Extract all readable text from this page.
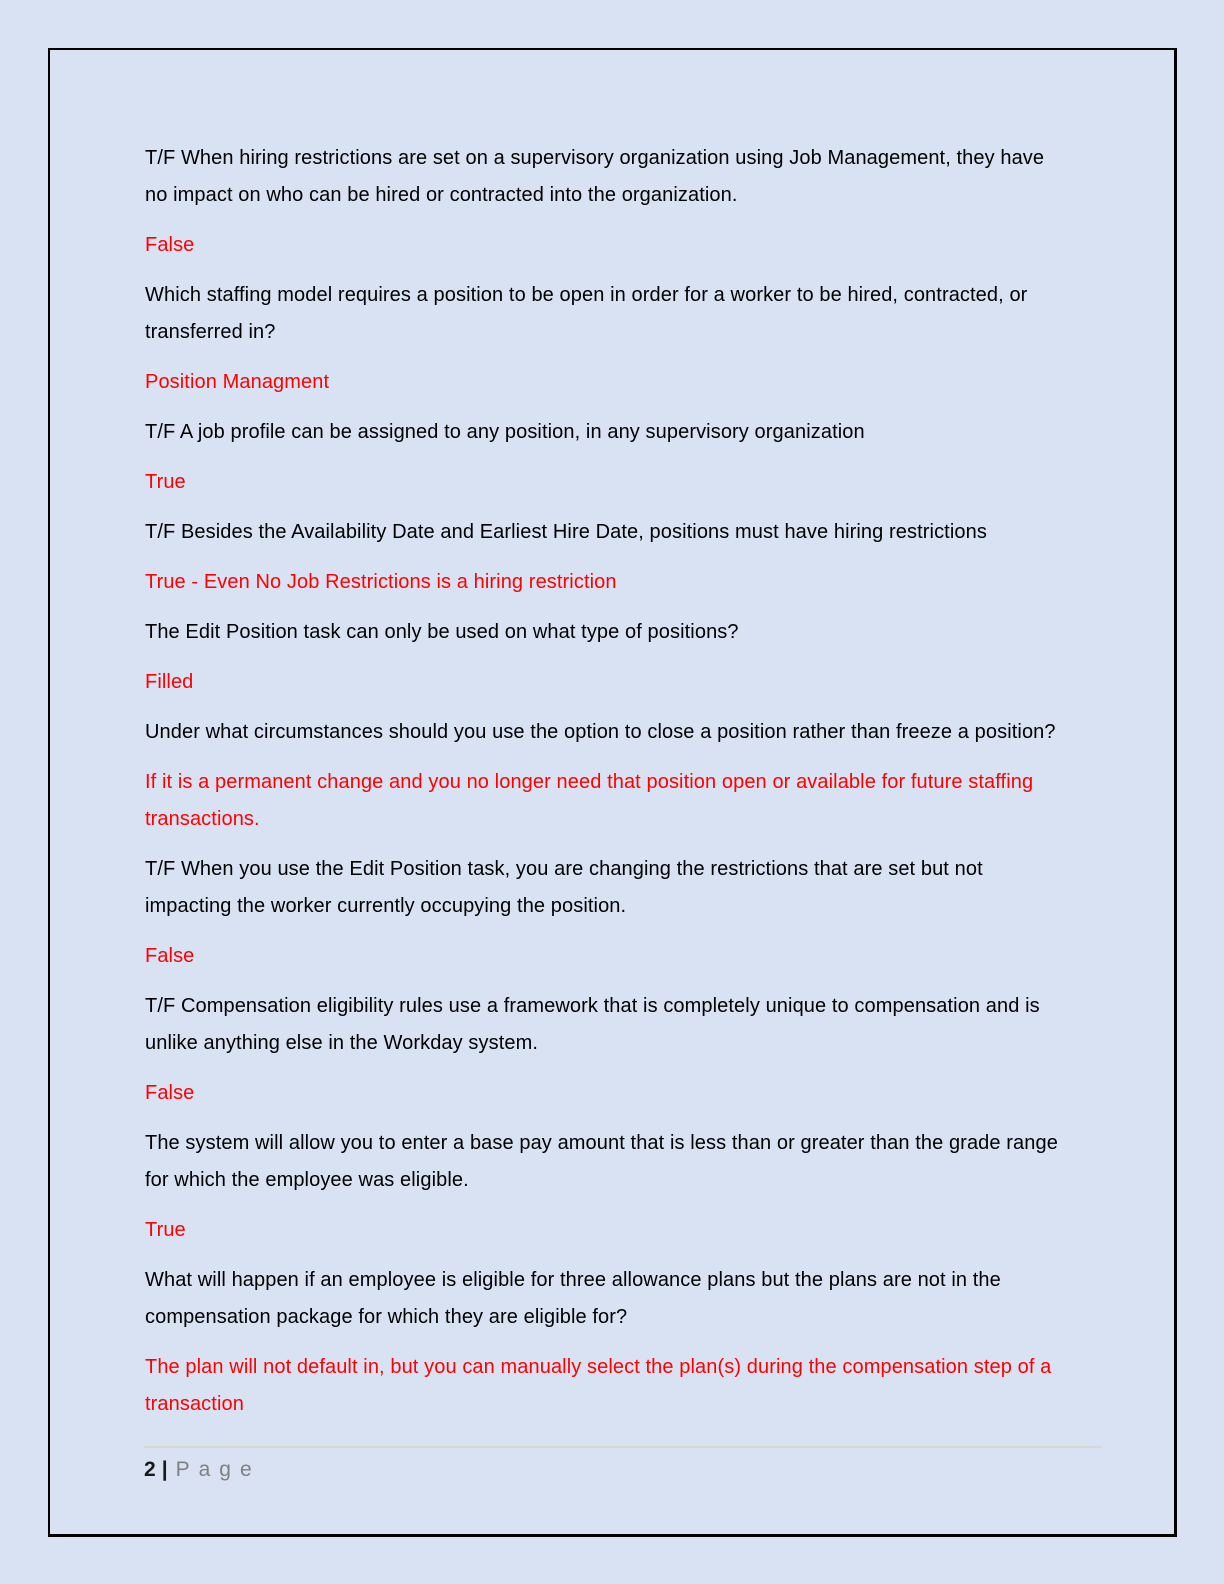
T/F When hiring restrictions are set on a supervisory organization using Job Management, they have no impact on who can be hired or contracted into the organization.

False

Which staffing model requires a position to be open in order for a worker to be hired, contracted, or transferred in?

Position Managment

T/F A job profile can be assigned to any position, in any supervisory organization

True

T/F Besides the Availability Date and Earliest Hire Date, positions must have hiring restrictions

True - Even No Job Restrictions is a hiring restriction

The Edit Position task can only be used on what type of positions?

Filled

Under what circumstances should you use the option to close a position rather than freeze a position?

If it is a permanent change and you no longer need that position open or available for future staffing transactions.

T/F When you use the Edit Position task, you are changing the restrictions that are set but not impacting the worker currently occupying the position.

False

T/F Compensation eligibility rules use a framework that is completely unique to compensation and is unlike anything else in the Workday system.

False

The system will allow you to enter a base pay amount that is less than or greater than the grade range for which the employee was eligible.

True

What will happen if an employee is eligible for three allowance plans but the plans are not in the compensation package for which they are eligible for?

The plan will not default in, but you can manually select the plan(s) during the compensation step of a transaction

2 | Page
